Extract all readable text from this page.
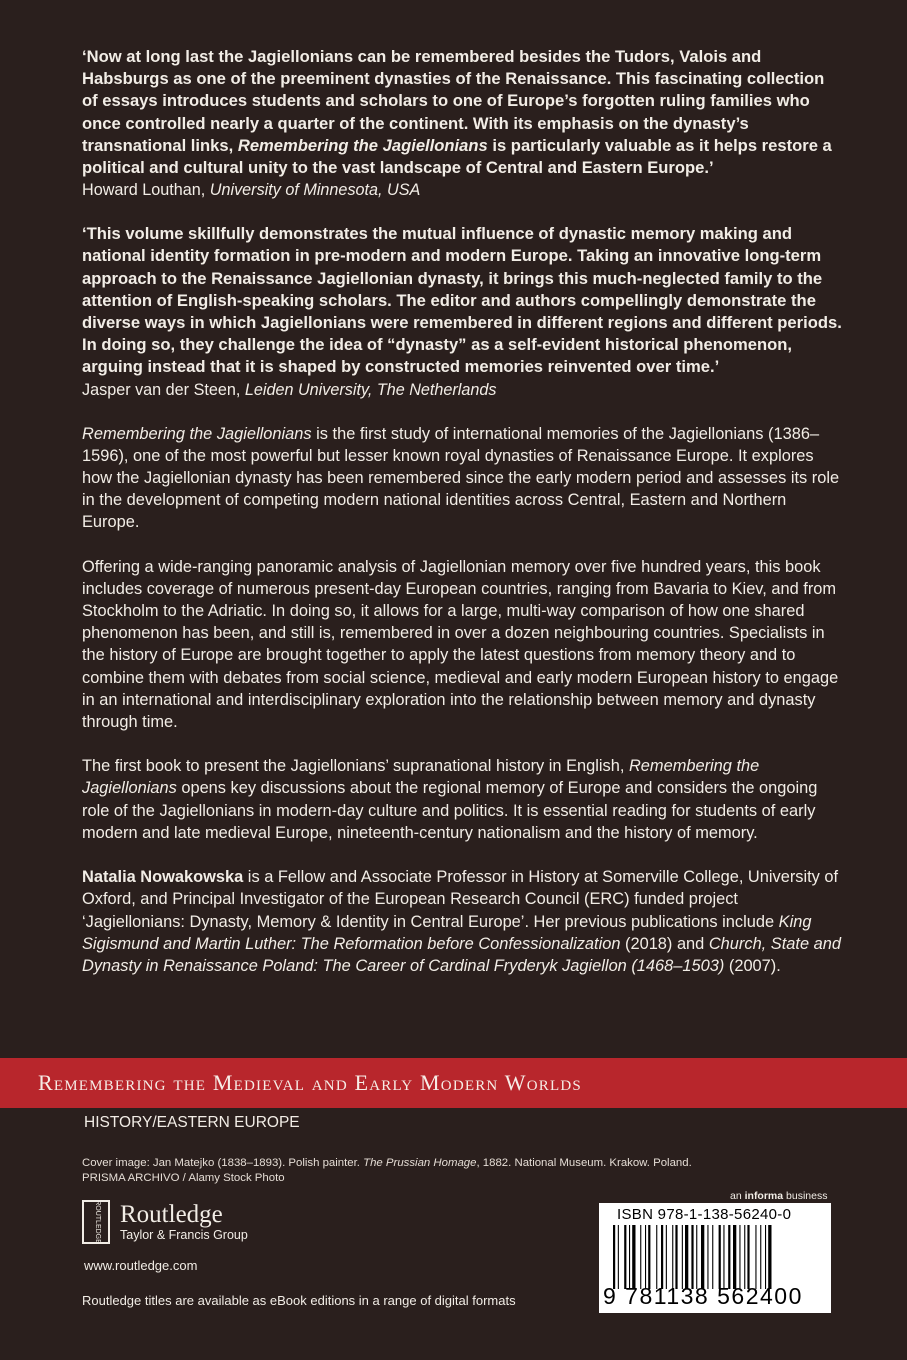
‘Now at long last the Jagiellonians can be remembered besides the Tudors, Valois and Habsburgs as one of the preeminent dynasties of the Renaissance. This fascinating collection of essays introduces students and scholars to one of Europe’s forgotten ruling families who once controlled nearly a quarter of the continent. With its emphasis on the dynasty’s transnational links, Remembering the Jagiellonians is particularly valuable as it helps restore a political and cultural unity to the vast landscape of Central and Eastern Europe.’

Howard Louthan, University of Minnesota, USA

‘This volume skillfully demonstrates the mutual influence of dynastic memory making and national identity formation in pre-modern and modern Europe. Taking an innovative long-term approach to the Renaissance Jagiellonian dynasty, it brings this much-neglected family to the attention of English-speaking scholars. The editor and authors compellingly demonstrate the diverse ways in which Jagiellonians were remembered in different regions and different periods. In doing so, they challenge the idea of “dynasty” as a self-evident historical phenomenon, arguing instead that it is shaped by constructed memories reinvented over time.’

Jasper van der Steen, Leiden University, The Netherlands

Remembering the Jagiellonians is the first study of international memories of the Jagiellonians (1386–1596), one of the most powerful but lesser known royal dynasties of Renaissance Europe. It explores how the Jagiellonian dynasty has been remembered since the early modern period and assesses its role in the development of competing modern national identities across Central, Eastern and Northern Europe.

Offering a wide-ranging panoramic analysis of Jagiellonian memory over five hundred years, this book includes coverage of numerous present-day European countries, ranging from Bavaria to Kiev, and from Stockholm to the Adriatic. In doing so, it allows for a large, multi-way comparison of how one shared phenomenon has been, and still is, remembered in over a dozen neighbouring countries. Specialists in the history of Europe are brought together to apply the latest questions from memory theory and to combine them with debates from social science, medieval and early modern European history to engage in an international and interdisciplinary exploration into the relationship between memory and dynasty through time.

The first book to present the Jagiellonians’ supranational history in English, Remembering the Jagiellonians opens key discussions about the regional memory of Europe and considers the ongoing role of the Jagiellonians in modern-day culture and politics. It is essential reading for students of early modern and late medieval Europe, nineteenth-century nationalism and the history of memory.

Natalia Nowakowska is a Fellow and Associate Professor in History at Somerville College, University of Oxford, and Principal Investigator of the European Research Council (ERC) funded project ‘Jagiellonians: Dynasty, Memory & Identity in Central Europe’. Her previous publications include King Sigismund and Martin Luther: The Reformation before Confessionalization (2018) and Church, State and Dynasty in Renaissance Poland: The Career of Cardinal Fryderyk Jagiellon (1468–1503) (2007).

Remembering the Medieval and Early Modern Worlds
HISTORY/EASTERN EUROPE
Cover image: Jan Matejko (1838–1893). Polish painter. The Prussian Homage, 1882. National Museum. Krakow. Poland.
PRISMA ARCHIVO / Alamy Stock Photo
ROUTLEDGE Routledge
Taylor & Francis Group
www.routledge.com
Routledge titles are available as eBook editions in a range of digital formats
an informa business
ISBN 978-1-138-56240-0
9 781138 562400
